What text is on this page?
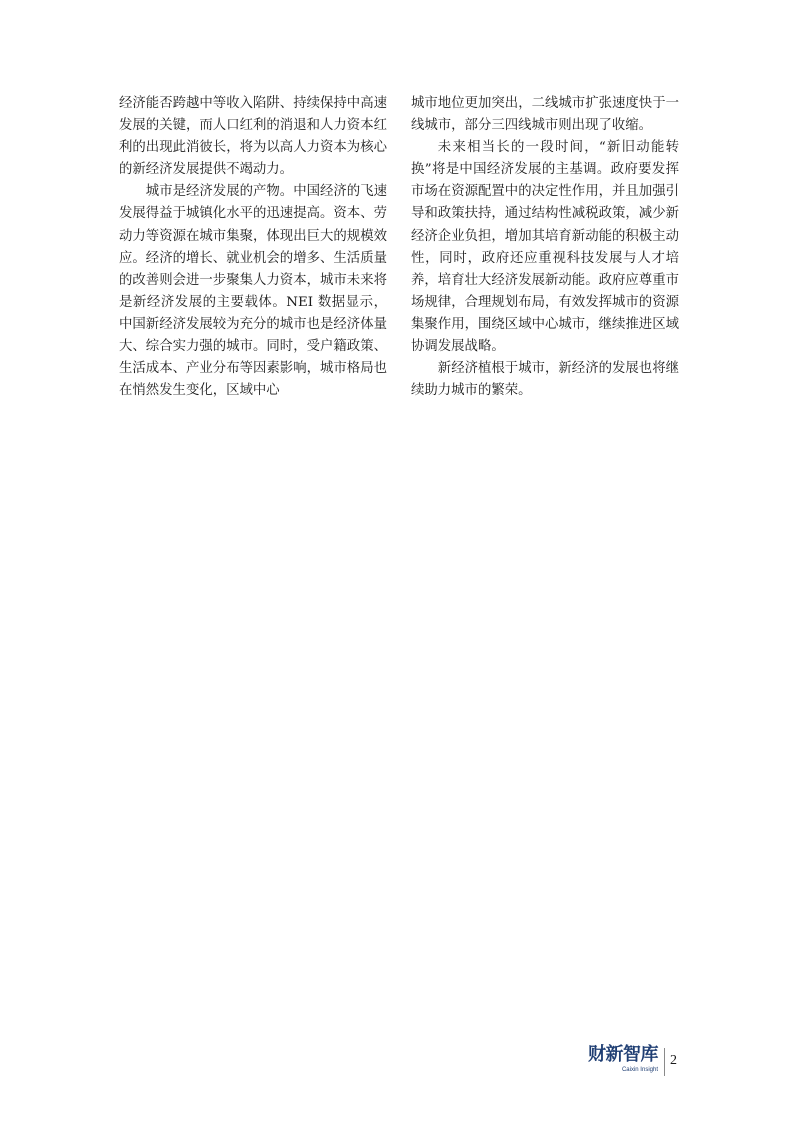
经济能否跨越中等收入陷阱、持续保持中高速发展的关键，而人口红利的消退和人力资本红利的出现此消彼长，将为以高人力资本为核心的新经济发展提供不竭动力。

城市是经济发展的产物。中国经济的飞速发展得益于城镇化水平的迅速提高。资本、劳动力等资源在城市集聚，体现出巨大的规模效应。经济的增长、就业机会的增多、生活质量的改善则会进一步聚集人力资本，城市未来将是新经济发展的主要载体。NEI 数据显示，中国新经济发展较为充分的城市也是经济体量大、综合实力强的城市。同时，受户籍政策、生活成本、产业分布等因素影响，城市格局也在悄然发生变化，区域中心

城市地位更加突出，二线城市扩张速度快于一线城市，部分三四线城市则出现了收缩。

未来相当长的一段时间，“新旧动能转换”将是中国经济发展的主基调。政府要发挥市场在资源配置中的决定性作用，并且加强引导和政策扶持，通过结构性减税政策，减少新经济企业负担，增加其培育新动能的积极主动性，同时，政府还应重视科技发展与人才培养，培育壮大经济发展新动能。政府应尊重市场规律，合理规划布局，有效发挥城市的资源集聚作用，围绕区域中心城市，继续推进区域协调发展战略。

新经济植根于城市，新经济的发展也将继续助力城市的繁荣。

财新智库
Caixin Insight
2
